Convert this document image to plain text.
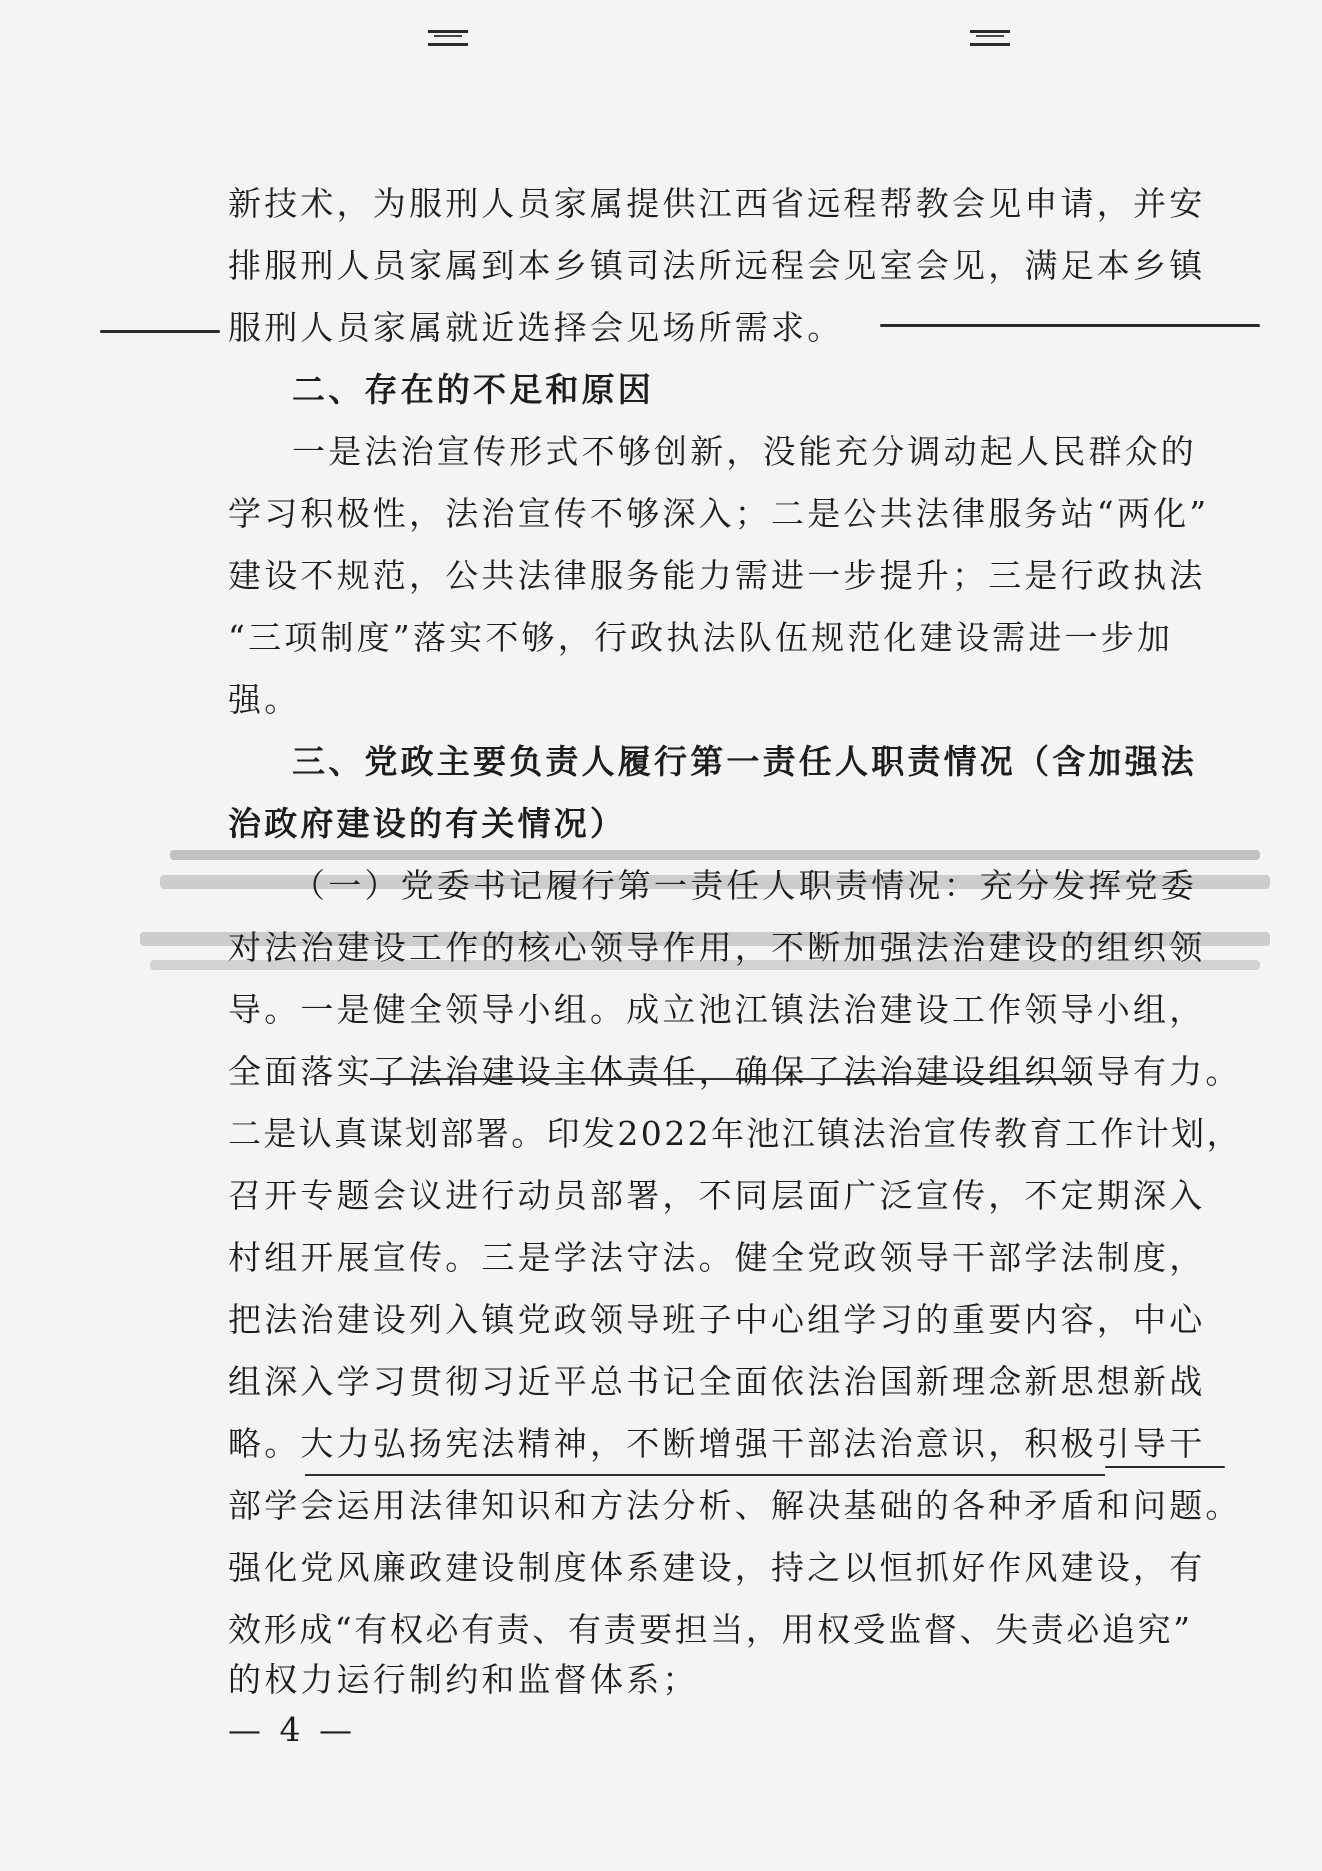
新技术，为服刑人员家属提供江西省远程帮教会见申请，并安
排服刑人员家属到本乡镇司法所远程会见室会见，满足本乡镇
服刑人员家属就近选择会见场所需求。
二、存在的不足和原因
一是法治宣传形式不够创新，没能充分调动起人民群众的
学习积极性，法治宣传不够深入；二是公共法律服务站“两化”
建设不规范，公共法律服务能力需进一步提升；三是行政执法
“三项制度”落实不够，行政执法队伍规范化建设需进一步加
强。
三、党政主要负责人履行第一责任人职责情况（含加强法
治政府建设的有关情况）
（一）党委书记履行第一责任人职责情况：充分发挥党委
对法治建设工作的核心领导作用，不断加强法治建设的组织领
导。一是健全领导小组。成立池江镇法治建设工作领导小组，
全面落实了法治建设主体责任，确保了法治建设组织领导有力。
二是认真谋划部署。印发2022年池江镇法治宣传教育工作计划，
召开专题会议进行动员部署，不同层面广泛宣传，不定期深入
村组开展宣传。三是学法守法。健全党政领导干部学法制度，
把法治建设列入镇党政领导班子中心组学习的重要内容，中心
组深入学习贯彻习近平总书记全面依法治国新理念新思想新战
略。大力弘扬宪法精神，不断增强干部法治意识，积极引导干
部学会运用法律知识和方法分析、解决基础的各种矛盾和问题。
强化党风廉政建设制度体系建设，持之以恒抓好作风建设，有
效形成“有权必有责、有责要担当，用权受监督、失责必追究”
的权力运行制约和监督体系；
— 4 —
